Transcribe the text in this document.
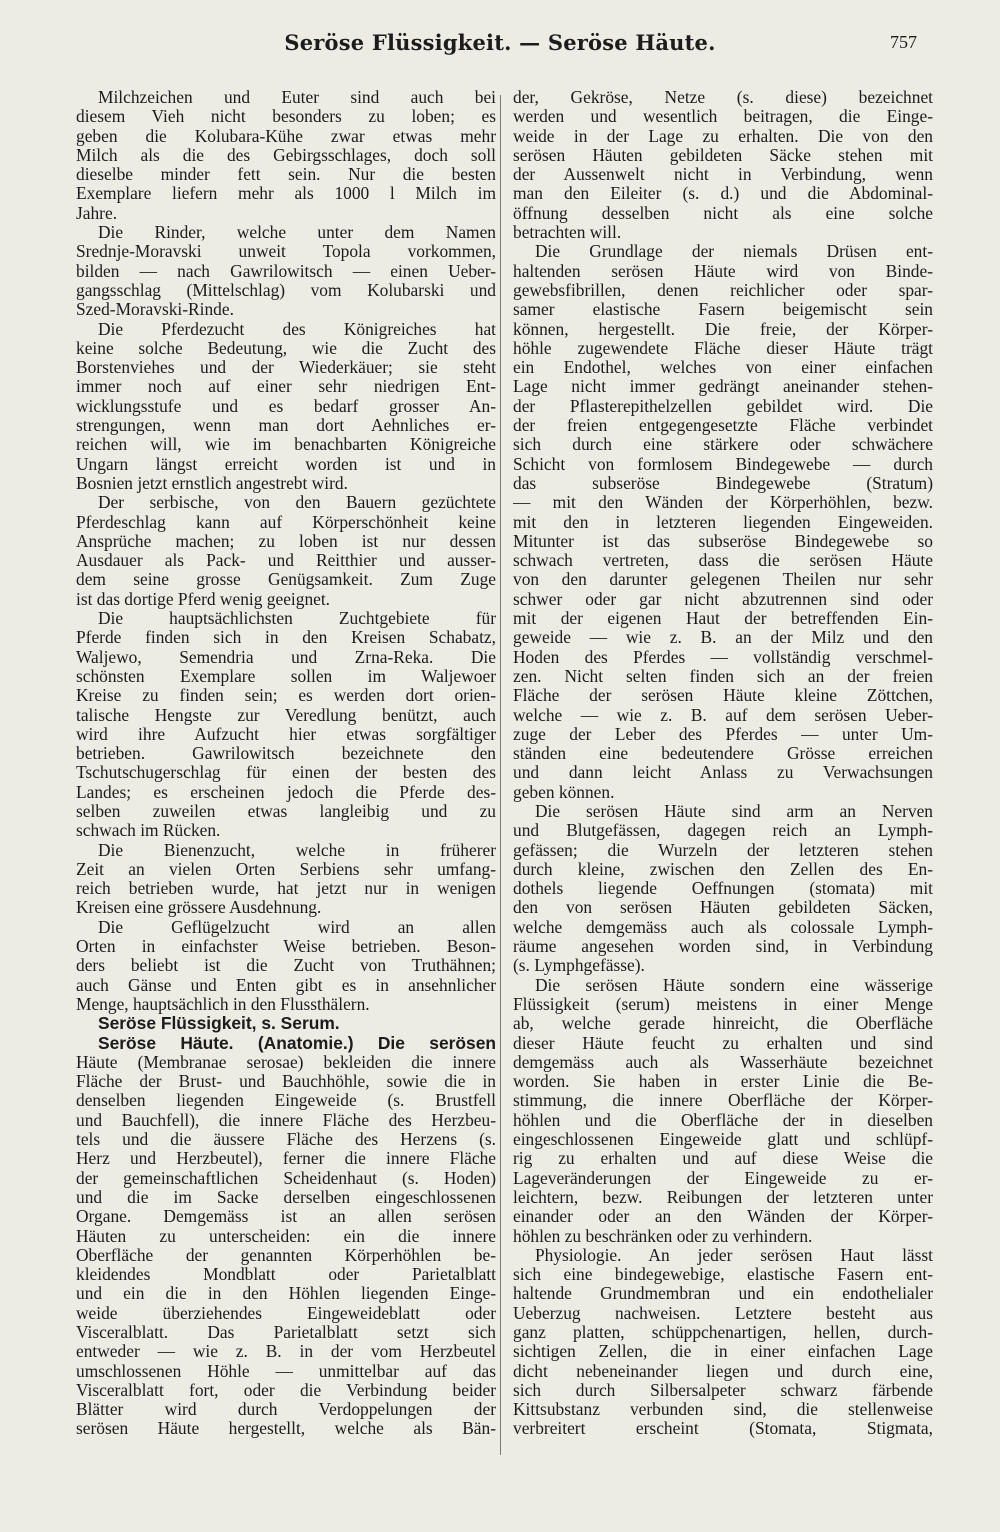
Seröse Flüssigkeit. — Seröse Häute.	757

Milchzeichen und Euter sind auch bei

diesem Vieh nicht besonders zu loben; es

geben die Kolubara-Kühe zwar etwas mehr

Milch als die des Gebirgsschlages, doch soll

dieselbe minder fett sein. Nur die besten

Exemplare liefern mehr als 1000 l Milch im

Jahre.

Die Rinder, welche unter dem Namen

Srednje-Moravski unweit Topola vorkommen,

bilden — nach Gawrilowitsch — einen Ueber-

gangsschlag (Mittelschlag) vom Kolubarski und

Szed-Moravski-Rinde.

Die Pferdezucht des Königreiches hat

keine solche Bedeutung, wie die Zucht des

Borstenviehes und der Wiederkäuer; sie steht

immer noch auf einer sehr niedrigen Ent-

wicklungsstufe und es bedarf grosser An-

strengungen, wenn man dort Aehnliches er-

reichen will, wie im benachbarten Königreiche

Ungarn längst erreicht worden ist und in

Bosnien jetzt ernstlich angestrebt wird.

Der serbische, von den Bauern gezüchtete

Pferdeschlag kann auf Körperschönheit keine

Ansprüche machen; zu loben ist nur dessen

Ausdauer als Pack- und Reitthier und ausser-

dem seine grosse Genügsamkeit. Zum Zuge

ist das dortige Pferd wenig geeignet.

Die hauptsächlichsten Zuchtgebiete für

Pferde finden sich in den Kreisen Schabatz,

Waljewo, Semendria und Zrna-Reka. Die

schönsten Exemplare sollen im Waljewoer

Kreise zu finden sein; es werden dort orien-

talische Hengste zur Veredlung benützt, auch

wird ihre Aufzucht hier etwas sorgfältiger

betrieben. Gawrilowitsch bezeichnete den

Tschutschugerschlag für einen der besten des

Landes; es erscheinen jedoch die Pferde des-

selben zuweilen etwas langleibig und zu

schwach im Rücken.

Die Bienenzucht, welche in früherer

Zeit an vielen Orten Serbiens sehr umfang-

reich betrieben wurde, hat jetzt nur in wenigen

Kreisen eine grössere Ausdehnung.

Die Geflügelzucht wird an allen

Orten in einfachster Weise betrieben. Beson-

ders beliebt ist die Zucht von Truthähnen;

auch Gänse und Enten gibt es in ansehnlicher

Menge, hauptsächlich in den Flussthälern.

Seröse Flüssigkeit, s. Serum.

Seröse Häute. (Anatomie.) Die serösen

Häute (Membranae serosae) bekleiden die innere

Fläche der Brust- und Bauchhöhle, sowie die in

denselben liegenden Eingeweide (s. Brustfell

und Bauchfell), die innere Fläche des Herzbeu-

tels und die äussere Fläche des Herzens (s.

Herz und Herzbeutel), ferner die innere Fläche

der gemeinschaftlichen Scheidenhaut (s. Hoden)

und die im Sacke derselben eingeschlossenen

Organe. Demgemäss ist an allen serösen

Häuten zu unterscheiden: ein die innere

Oberfläche der genannten Körperhöhlen be-

kleidendes Mondblatt oder Parietalblatt

und ein die in den Höhlen liegenden Einge-

weide überziehendes Eingeweideblatt oder

Visceralblatt. Das Parietalblatt setzt sich

entweder — wie z. B. in der vom Herzbeutel

umschlossenen Höhle — unmittelbar auf das

Visceralblatt fort, oder die Verbindung beider

Blätter wird durch Verdoppelungen der

serösen Häute hergestellt, welche als Bän-

der, Gekröse, Netze (s. diese) bezeichnet

werden und wesentlich beitragen, die Einge-

weide in der Lage zu erhalten. Die von den

serösen Häuten gebildeten Säcke stehen mit

der Aussenwelt nicht in Verbindung, wenn

man den Eileiter (s. d.) und die Abdominal-

öffnung desselben nicht als eine solche

betrachten will.

Die Grundlage der niemals Drüsen ent-

haltenden serösen Häute wird von Binde-

gewebsfibrillen, denen reichlicher oder spar-

samer elastische Fasern beigemischt sein

können, hergestellt. Die freie, der Körper-

höhle zugewendete Fläche dieser Häute trägt

ein Endothel, welches von einer einfachen

Lage nicht immer gedrängt aneinander stehen-

der Pflasterepithelzellen gebildet wird. Die

der freien entgegengesetzte Fläche verbindet

sich durch eine stärkere oder schwächere

Schicht von formlosem Bindegewebe — durch

das subseröse Bindegewebe (Stratum)

— mit den Wänden der Körperhöhlen, bezw.

mit den in letzteren liegenden Eingeweiden.

Mitunter ist das subseröse Bindegewebe so

schwach vertreten, dass die serösen Häute

von den darunter gelegenen Theilen nur sehr

schwer oder gar nicht abzutrennen sind oder

mit der eigenen Haut der betreffenden Ein-

geweide — wie z. B. an der Milz und den

Hoden des Pferdes — vollständig verschmel-

zen. Nicht selten finden sich an der freien

Fläche der serösen Häute kleine Zöttchen,

welche — wie z. B. auf dem serösen Ueber-

zuge der Leber des Pferdes — unter Um-

ständen eine bedeutendere Grösse erreichen

und dann leicht Anlass zu Verwachsungen

geben können.

Die serösen Häute sind arm an Nerven

und Blutgefässen, dagegen reich an Lymph-

gefässen; die Wurzeln der letzteren stehen

durch kleine, zwischen den Zellen des En-

dothels liegende Oeffnungen (stomata) mit

den von serösen Häuten gebildeten Säcken,

welche demgemäss auch als colossale Lymph-

räume angesehen worden sind, in Verbindung

(s. Lymphgefässe).

Die serösen Häute sondern eine wässerige

Flüssigkeit (serum) meistens in einer Menge

ab, welche gerade hinreicht, die Oberfläche

dieser Häute feucht zu erhalten und sind

demgemäss auch als Wasserhäute bezeichnet

worden. Sie haben in erster Linie die Be-

stimmung, die innere Oberfläche der Körper-

höhlen und die Oberfläche der in dieselben

eingeschlossenen Eingeweide glatt und schlüpf-

rig zu erhalten und auf diese Weise die

Lageveränderungen der Eingeweide zu er-

leichtern, bezw. Reibungen der letzteren unter

einander oder an den Wänden der Körper-

höhlen zu beschränken oder zu verhindern.

Physiologie. An jeder serösen Haut lässt

sich eine bindegewebige, elastische Fasern ent-

haltende Grundmembran und ein endothelialer

Ueberzug nachweisen. Letztere besteht aus

ganz platten, schüppchenartigen, hellen, durch-

sichtigen Zellen, die in einer einfachen Lage

dicht nebeneinander liegen und durch eine,

sich durch Silbersalpeter schwarz färbende

Kittsubstanz verbunden sind, die stellenweise

verbreitert erscheint (Stomata, Stigmata,
